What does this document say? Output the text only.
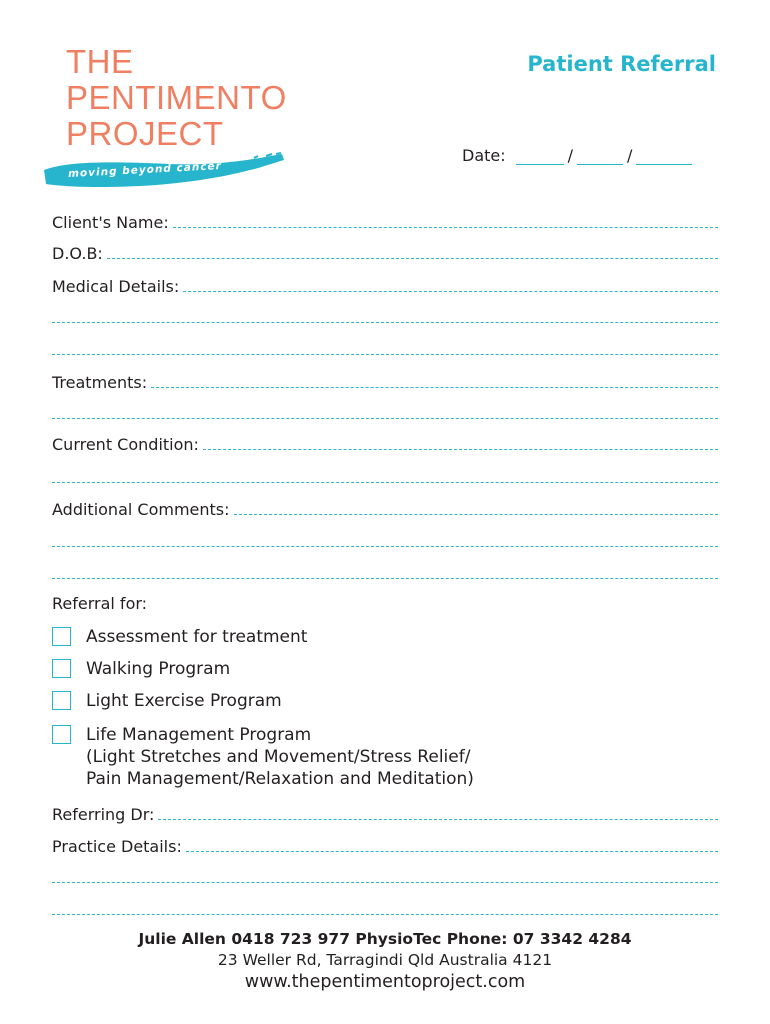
THE
PENTIMENTO
PROJECT
moving beyond cancer
Patient Referral
Date:	/	/
Client's Name:
D.O.B:
Medical Details:
Treatments:
Current Condition:
Additional Comments:
Referral for:
Assessment for treatment
Walking Program
Light Exercise Program
Life Management Program
(Light Stretches and Movement/Stress Relief/
Pain Management/Relaxation and Meditation)
Referring Dr:
Practice Details:
Julie Allen 0418 723 977 PhysioTec Phone: 07 3342 4284
23 Weller Rd, Tarragindi Qld Australia 4121
www.thepentimentoproject.com
